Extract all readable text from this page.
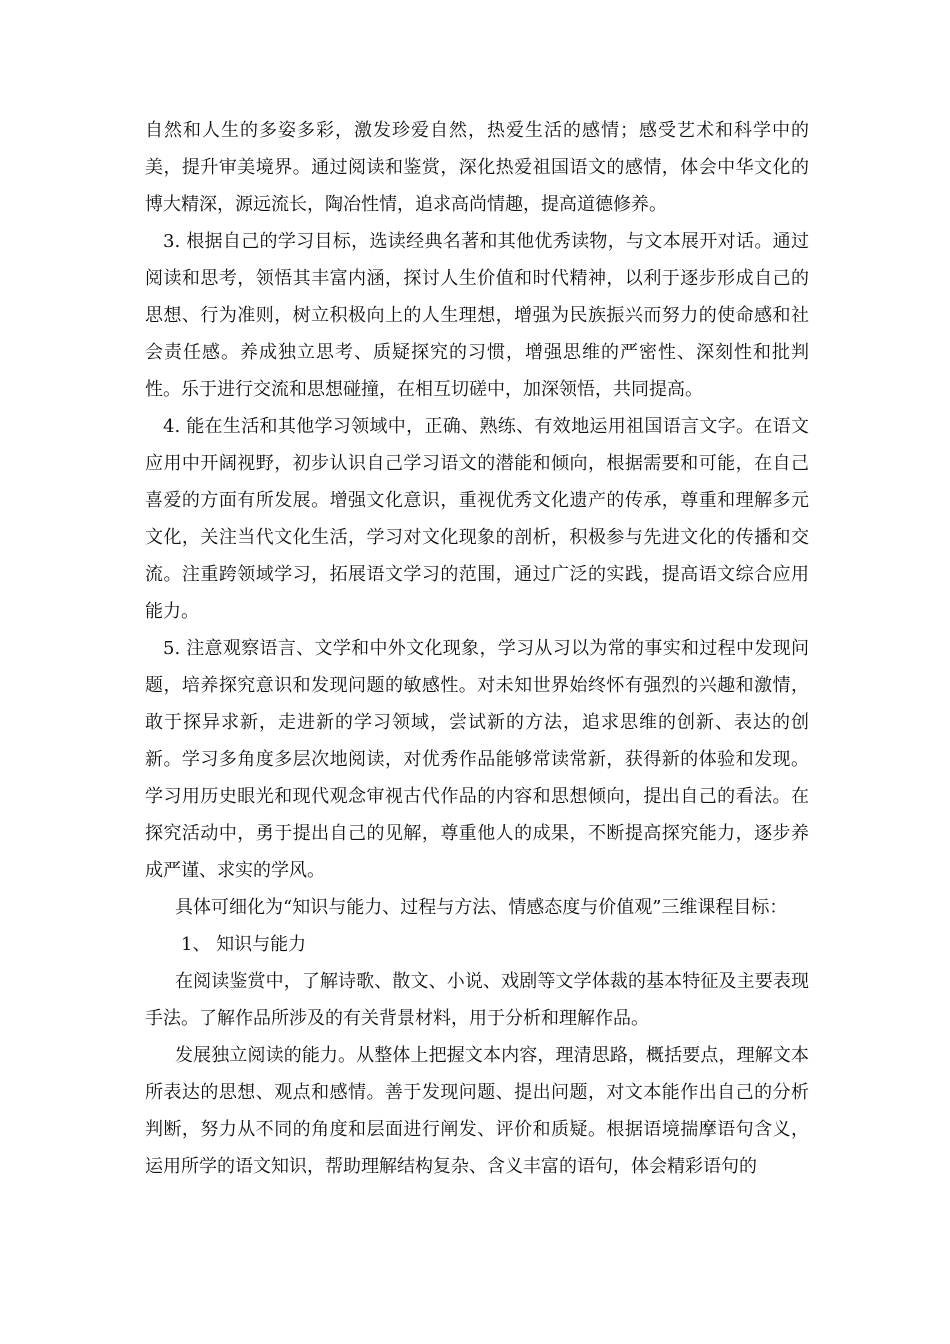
自然和人生的多姿多彩，激发珍爱自然，热爱生活的感情；感受艺术和科学中的美，提升审美境界。通过阅读和鉴赏，深化热爱祖国语文的感情，体会中华文化的博大精深，源远流长，陶冶性情，追求高尚情趣，提高道德修养。

3. 根据自己的学习目标，选读经典名著和其他优秀读物，与文本展开对话。通过阅读和思考，领悟其丰富内涵，探讨人生价值和时代精神，以利于逐步形成自己的思想、行为准则，树立积极向上的人生理想，增强为民族振兴而努力的使命感和社会责任感。养成独立思考、质疑探究的习惯，增强思维的严密性、深刻性和批判性。乐于进行交流和思想碰撞，在相互切磋中，加深领悟，共同提高。

4. 能在生活和其他学习领域中，正确、熟练、有效地运用祖国语言文字。在语文应用中开阔视野，初步认识自己学习语文的潜能和倾向，根据需要和可能，在自己喜爱的方面有所发展。增强文化意识，重视优秀文化遗产的传承，尊重和理解多元文化，关注当代文化生活，学习对文化现象的剖析，积极参与先进文化的传播和交流。注重跨领域学习，拓展语文学习的范围，通过广泛的实践，提高语文综合应用能力。

5. 注意观察语言、文学和中外文化现象，学习从习以为常的事实和过程中发现问题，培养探究意识和发现问题的敏感性。对未知世界始终怀有强烈的兴趣和激情，敢于探异求新，走进新的学习领域，尝试新的方法，追求思维的创新、表达的创新。学习多角度多层次地阅读，对优秀作品能够常读常新，获得新的体验和发现。学习用历史眼光和现代观念审视古代作品的内容和思想倾向，提出自己的看法。在探究活动中，勇于提出自己的见解，尊重他人的成果，不断提高探究能力，逐步养成严谨、求实的学风。

具体可细化为“知识与能力、过程与方法、情感态度与价值观”三维课程目标：

1、 知识与能力

在阅读鉴赏中，了解诗歌、散文、小说、戏剧等文学体裁的基本特征及主要表现手法。了解作品所涉及的有关背景材料，用于分析和理解作品。

发展独立阅读的能力。从整体上把握文本内容，理清思路，概括要点，理解文本所表达的思想、观点和感情。善于发现问题、提出问题，对文本能作出自己的分析判断，努力从不同的角度和层面进行阐发、评价和质疑。根据语境揣摩语句含义，运用所学的语文知识，帮助理解结构复杂、含义丰富的语句，体会精彩语句的
